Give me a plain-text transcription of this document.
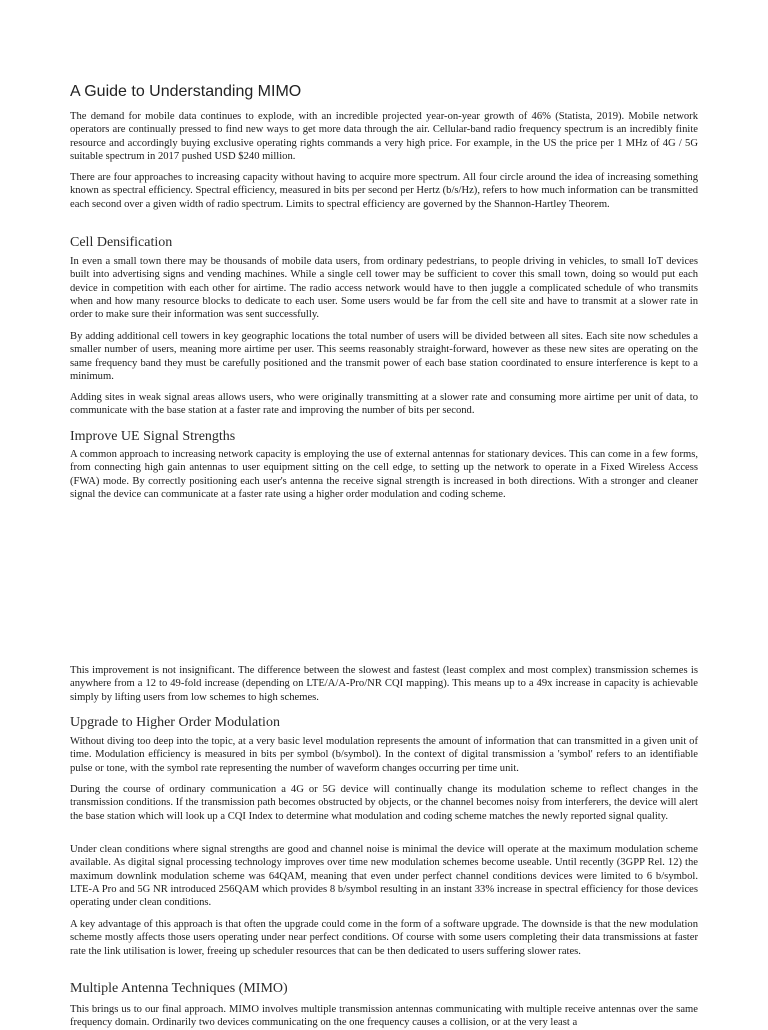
A Guide to Understanding MIMO

The demand for mobile data continues to explode, with an incredible projected year-on-year growth of 46% (Statista, 2019). Mobile network operators are continually pressed to find new ways to get more data through the air. Cellular-band radio frequency spectrum is an incredibly finite resource and accordingly buying exclusive operating rights commands a very high price. For example, in the US the price per 1 MHz of 4G / 5G suitable spectrum in 2017 pushed USD $240 million.

There are four approaches to increasing capacity without having to acquire more spectrum. All four circle around the idea of increasing something known as spectral efficiency. Spectral efficiency, measured in bits per second per Hertz (b/s/Hz), refers to how much information can be transmitted each second over a given width of radio spectrum. Limits to spectral efficiency are governed by the Shannon-Hartley Theorem.

Cell Densification

In even a small town there may be thousands of mobile data users, from ordinary pedestrians, to people driving in vehicles, to small IoT devices built into advertising signs and vending machines. While a single cell tower may be sufficient to cover this small town, doing so would put each device in competition with each other for airtime. The radio access network would have to then juggle a complicated schedule of who transmits when and how many resource blocks to dedicate to each user. Some users would be far from the cell site and have to transmit at a slower rate in order to make sure their information was sent successfully.

By adding additional cell towers in key geographic locations the total number of users will be divided between all sites. Each site now schedules a smaller number of users, meaning more airtime per user. This seems reasonably straight-forward, however as these new sites are operating on the same frequency band they must be carefully positioned and the transmit power of each base station coordinated to ensure interference is kept to a minimum.

Adding sites in weak signal areas allows users, who were originally transmitting at a slower rate and consuming more airtime per unit of data, to communicate with the base station at a faster rate and improving the number of bits per second.

Improve UE Signal Strengths

A common approach to increasing network capacity is employing the use of external antennas for stationary devices. This can come in a few forms, from connecting high gain antennas to user equipment sitting on the cell edge, to setting up the network to operate in a Fixed Wireless Access (FWA) mode. By correctly positioning each user's antenna the receive signal strength is increased in both directions. With a stronger and cleaner signal the device can communicate at a faster rate using a higher order modulation and coding scheme.

This improvement is not insignificant. The difference between the slowest and fastest (least complex and most complex) transmission schemes is anywhere from a 12 to 49-fold increase (depending on LTE/A/A-Pro/NR CQI mapping). This means up to a 49x increase in capacity is achievable simply by lifting users from low schemes to high schemes.

Upgrade to Higher Order Modulation

Without diving too deep into the topic, at a very basic level modulation represents the amount of information that can transmitted in a given unit of time. Modulation efficiency is measured in bits per symbol (b/symbol). In the context of digital transmission a 'symbol' refers to an identifiable pulse or tone, with the symbol rate representing the number of waveform changes occurring per time unit.

During the course of ordinary communication a 4G or 5G device will continually change its modulation scheme to reflect changes in the transmission conditions. If the transmission path becomes obstructed by objects, or the channel becomes noisy from interferers, the device will alert the base station which will look up a CQI Index to determine what modulation and coding scheme matches the newly reported signal quality.

Under clean conditions where signal strengths are good and channel noise is minimal the device will operate at the maximum modulation scheme available. As digital signal processing technology improves over time new modulation schemes become useable. Until recently (3GPP Rel. 12) the maximum downlink modulation scheme was 64QAM, meaning that even under perfect channel conditions devices were limited to 6 b/symbol. LTE-A Pro and 5G NR introduced 256QAM which provides 8 b/symbol resulting in an instant 33% increase in spectral efficiency for those devices operating under clean conditions.

A key advantage of this approach is that often the upgrade could come in the form of a software upgrade. The downside is that the new modulation scheme mostly affects those users operating under near perfect conditions. Of course with some users completing their data transmissions at faster rate the link utilisation is lower, freeing up scheduler resources that can be then dedicated to users suffering slower rates.

Multiple Antenna Techniques (MIMO)

This brings us to our final approach. MIMO involves multiple transmission antennas communicating with multiple receive antennas over the same frequency domain. Ordinarily two devices communicating on the one frequency causes a collision, or at the very least a
